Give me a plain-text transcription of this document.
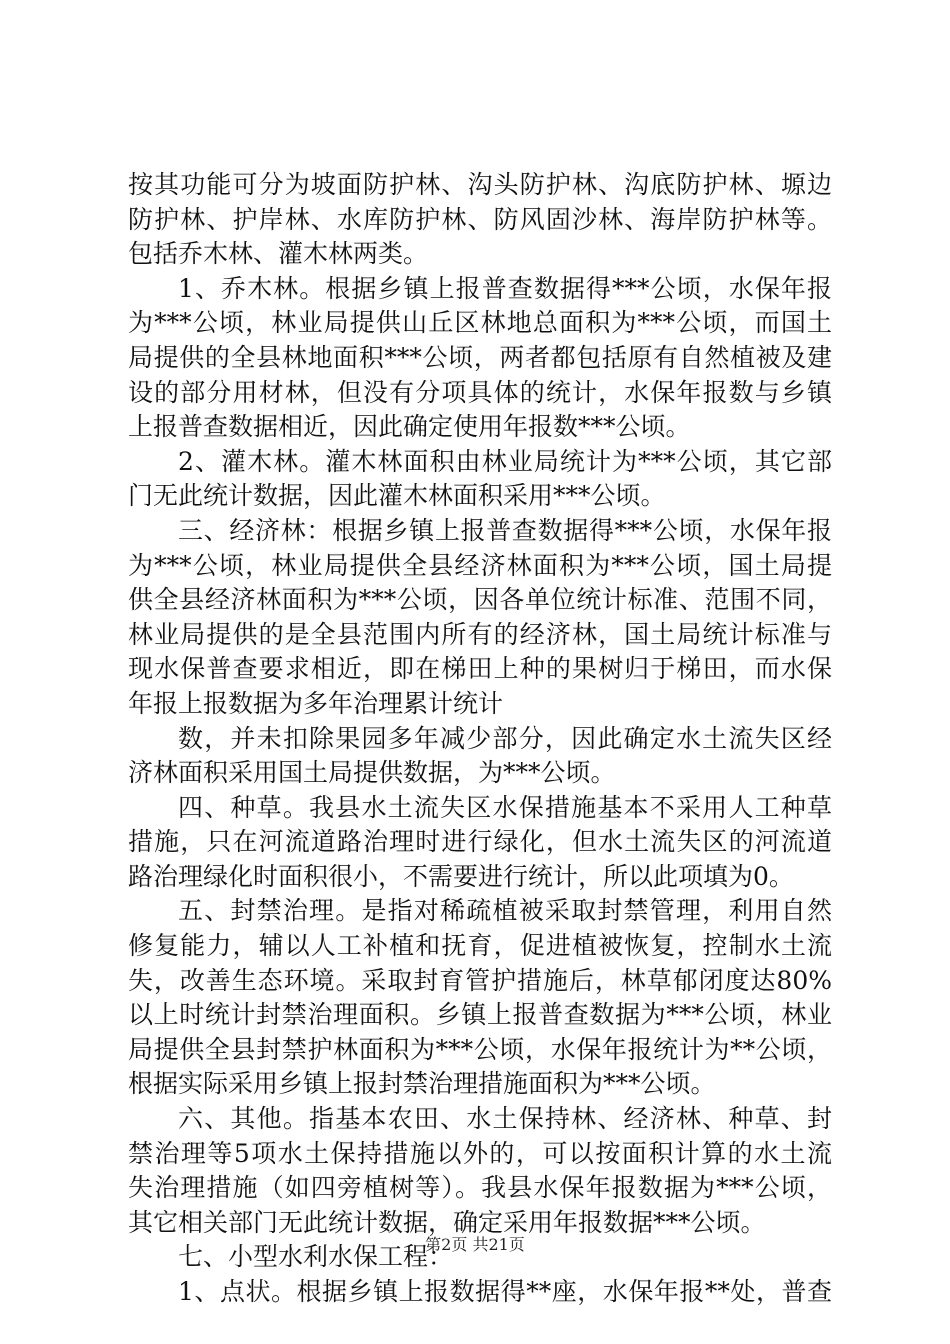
按其功能可分为坡面防护林、沟头防护林、沟底防护林、塬边
防护林、护岸林、水库防护林、防风固沙林、海岸防护林等。
包括乔木林、灌木林两类。
1、乔木林。根据乡镇上报普查数据得***公顷，水保年报
为***公顷，林业局提供山丘区林地总面积为***公顷，而国土
局提供的全县林地面积***公顷，两者都包括原有自然植被及建
设的部分用材林，但没有分项具体的统计，水保年报数与乡镇
上报普查数据相近，因此确定使用年报数***公顷。
2、灌木林。灌木林面积由林业局统计为***公顷，其它部
门无此统计数据，因此灌木林面积采用***公顷。
三、经济林：根据乡镇上报普查数据得***公顷，水保年报
为***公顷，林业局提供全县经济林面积为***公顷，国土局提
供全县经济林面积为***公顷，因各单位统计标准、范围不同，
林业局提供的是全县范围内所有的经济林，国土局统计标准与
现水保普查要求相近，即在梯田上种的果树归于梯田，而水保
年报上报数据为多年治理累计统计
数，并未扣除果园多年减少部分，因此确定水土流失区经
济林面积采用国土局提供数据，为***公顷。
四、种草。我县水土流失区水保措施基本不采用人工种草
措施，只在河流道路治理时进行绿化，但水土流失区的河流道
路治理绿化时面积很小，不需要进行统计，所以此项填为0。
五、封禁治理。是指对稀疏植被采取封禁管理，利用自然
修复能力，辅以人工补植和抚育，促进植被恢复，控制水土流
失，改善生态环境。采取封育管护措施后，林草郁闭度达80%
以上时统计封禁治理面积。乡镇上报普查数据为***公顷，林业
局提供全县封禁护林面积为***公顷，水保年报统计为**公顷，
根据实际采用乡镇上报封禁治理措施面积为***公顷。
六、其他。指基本农田、水土保持林、经济林、种草、封
禁治理等5项水土保持措施以外的，可以按面积计算的水土流
失治理措施（如四旁植树等）。我县水保年报数据为***公顷，
其它相关部门无此统计数据，确定采用年报数据***公顷。
七、小型水利水保工程：
1、点状。根据乡镇上报数据得**座，水保年报**处，普查
第2页 共21页
